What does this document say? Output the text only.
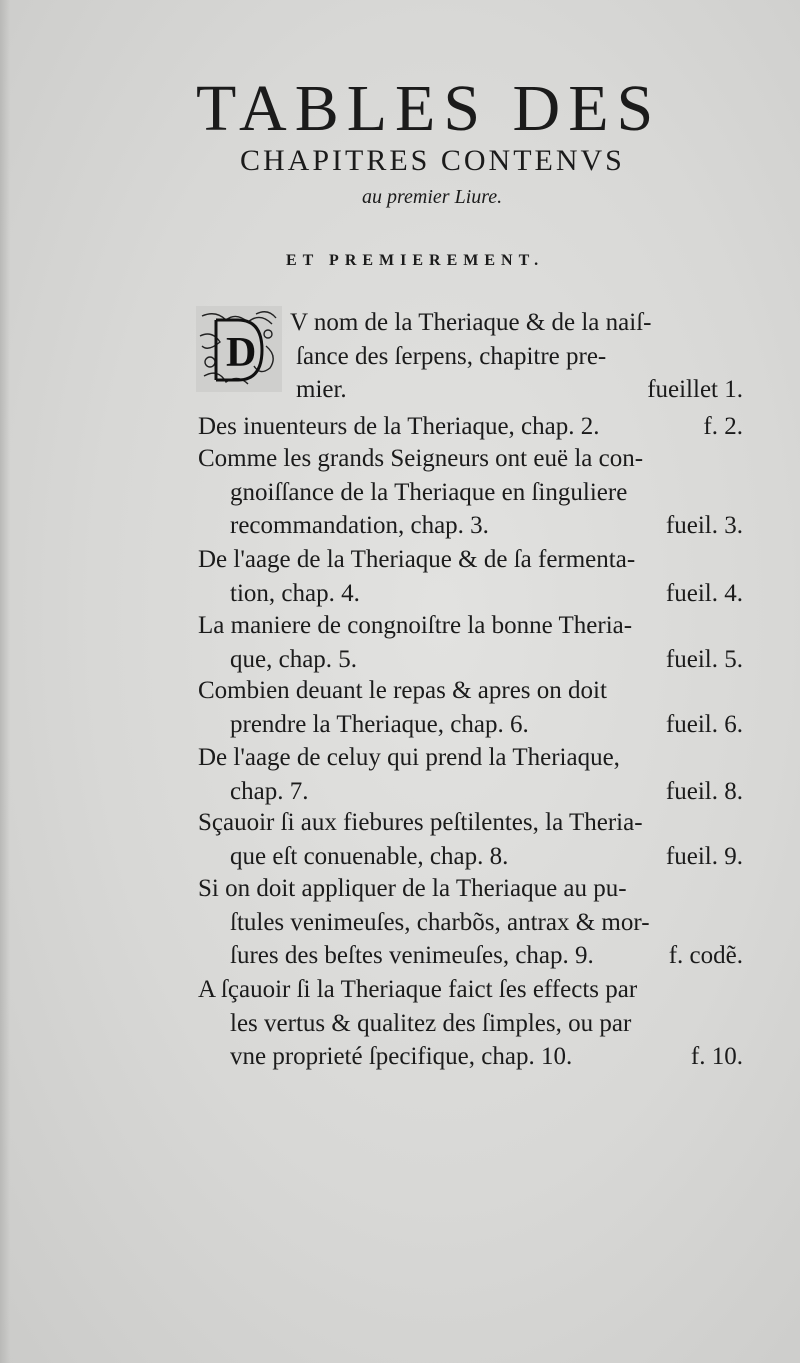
TABLES DES
CHAPITRES CONTENVS
au premier Liure.
ET PREMIEREMENT.
D
V nom de la Theriaque & de la naiſ-
ſance des ſerpens, chapitre pre-
mier.	fueillet 1.
Des inuenteurs de la Theriaque, chap. 2.	f. 2.
Comme les grands Seigneurs ont euë la con-
gnoiſſance de la Theriaque en ſinguliere
recommandation, chap. 3.	fueil. 3.
De l'aage de la Theriaque & de ſa fermenta-
tion, chap. 4.	fueil. 4.
La maniere de congnoiſtre la bonne Theria-
que, chap. 5.	fueil. 5.
Combien deuant le repas & apres on doit
prendre la Theriaque, chap. 6.	fueil. 6.
De l'aage de celuy qui prend la Theriaque,
chap. 7.	fueil. 8.
Sçauoir ſi aux fiebures peſtilentes, la Theria-
que eſt conuenable, chap. 8.	fueil. 9.
Si on doit appliquer de la Theriaque au pu-
ſtules venimeuſes, charbõs, antrax & mor-
ſures des beſtes venimeuſes, chap. 9.	f. codẽ.
A ſçauoir ſi la Theriaque faict ſes effects par
les vertus & qualitez des ſimples, ou par
vne proprieté ſpecifique, chap. 10.	f. 10.
